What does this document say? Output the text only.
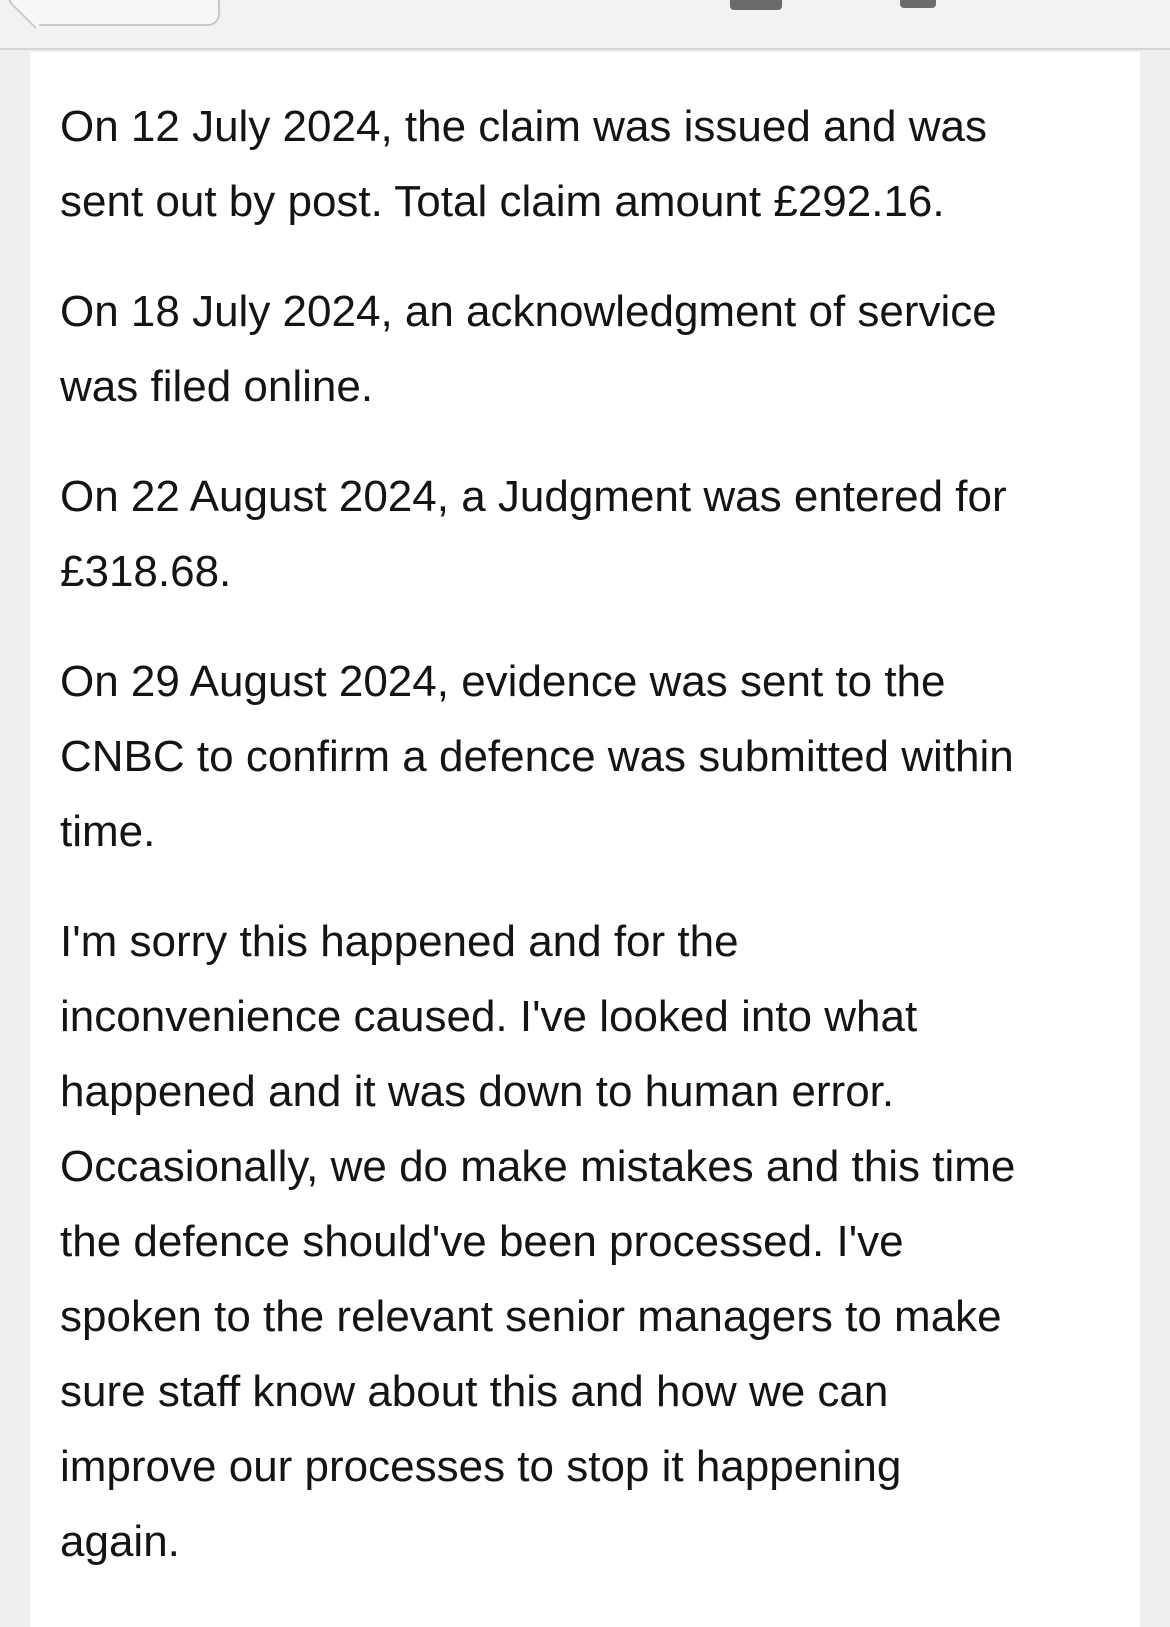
On 12 July 2024, the claim was issued and was
sent out by post. Total claim amount £292.16.

On 18 July 2024, an acknowledgment of service
was filed online.

On 22 August 2024, a Judgment was entered for
£318.68.

On 29 August 2024, evidence was sent to the
CNBC to confirm a defence was submitted within
time.

I'm sorry this happened and for the
inconvenience caused. I've looked into what
happened and it was down to human error.
Occasionally, we do make mistakes and this time
the defence should've been processed. I've
spoken to the relevant senior managers to make
sure staff know about this and how we can
improve our processes to stop it happening
again.
